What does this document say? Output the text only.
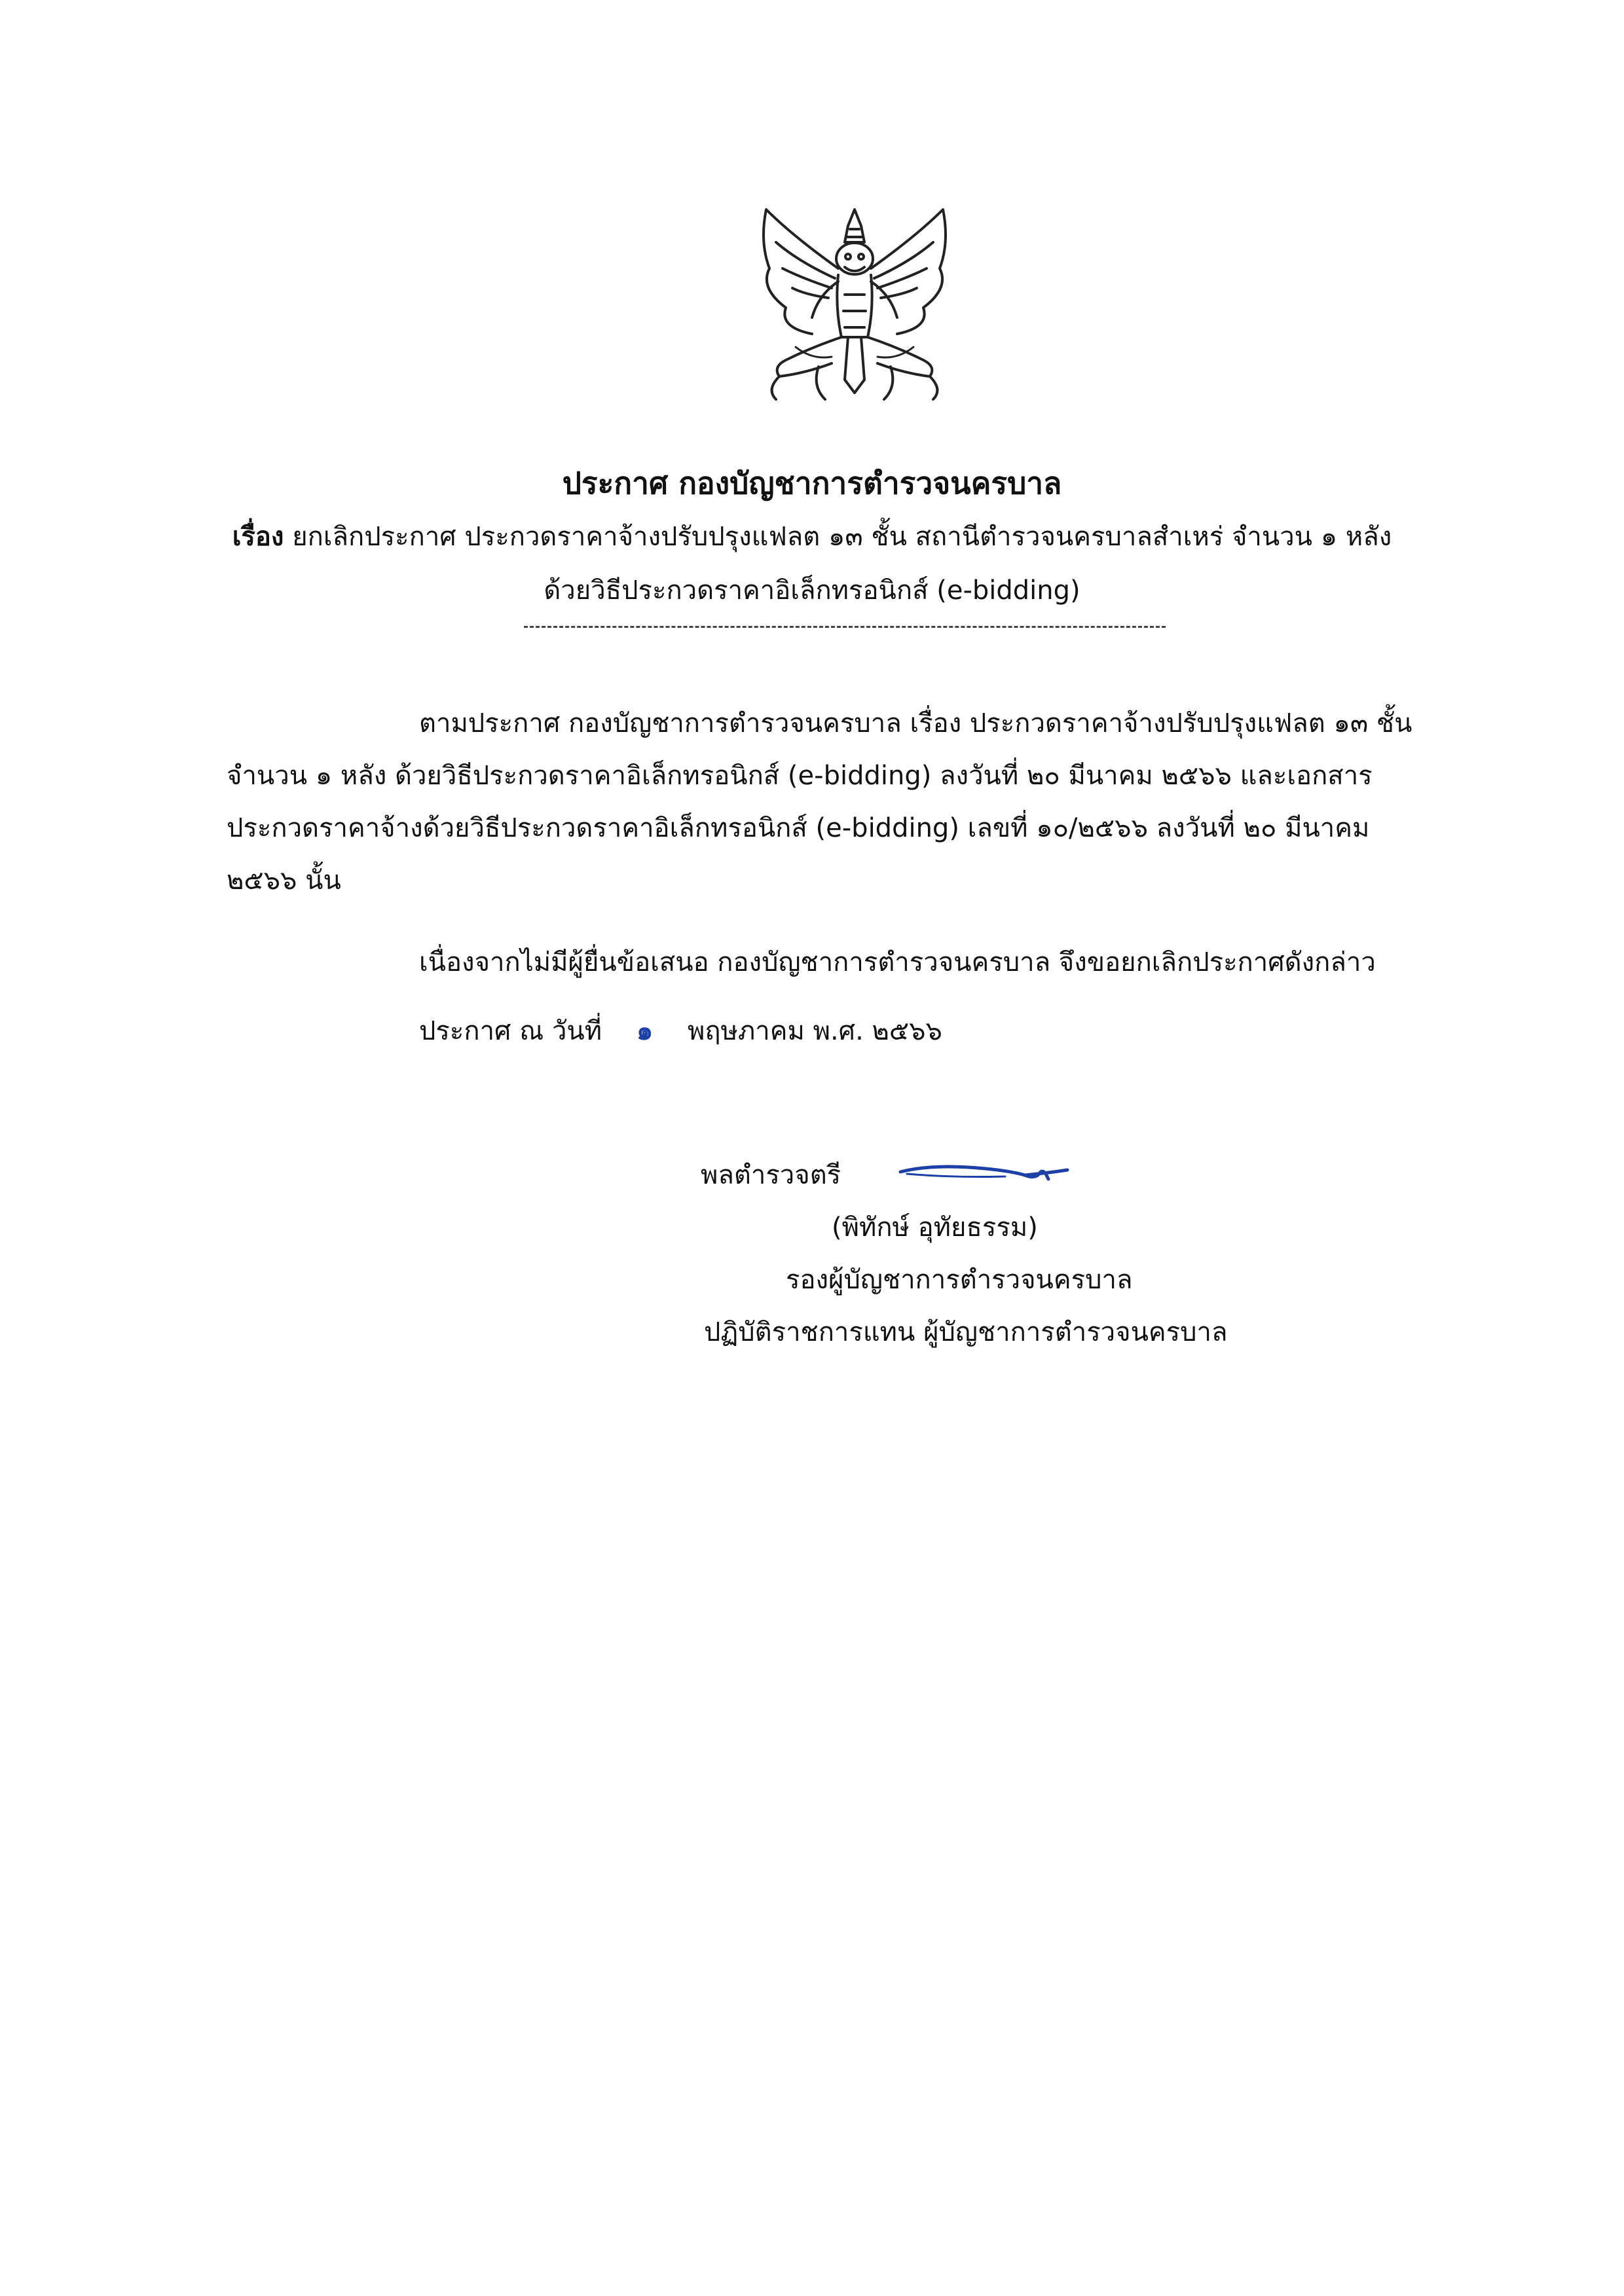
ประกาศ กองบัญชาการตำรวจนครบาล
เรื่อง ยกเลิกประกาศ ประกวดราคาจ้างปรับปรุงแฟลต ๑๓ ชั้น สถานีตำรวจนครบาลสำเหร่ จำนวน ๑ หลัง
ด้วยวิธีประกวดราคาอิเล็กทรอนิกส์ (e-bidding)
ตามประกาศ กองบัญชาการตำรวจนครบาล เรื่อง ประกวดราคาจ้างปรับปรุงแฟลต ๑๓ ชั้น
จำนวน ๑ หลัง ด้วยวิธีประกวดราคาอิเล็กทรอนิกส์ (e-bidding) ลงวันที่ ๒๐ มีนาคม ๒๕๖๖ และเอกสาร
ประกวดราคาจ้างด้วยวิธีประกวดราคาอิเล็กทรอนิกส์ (e-bidding) เลขที่ ๑๐/๒๕๖๖ ลงวันที่ ๒๐ มีนาคม
๒๕๖๖ นั้น
เนื่องจากไม่มีผู้ยื่นข้อเสนอ กองบัญชาการตำรวจนครบาล จึงขอยกเลิกประกาศดังกล่าว
ประกาศ ณ วันที่ ๑ พฤษภาคม พ.ศ. ๒๕๖๖
พลตำรวจตรี
(พิทักษ์ อุทัยธรรม)
รองผู้บัญชาการตำรวจนครบาล
ปฏิบัติราชการแทน ผู้บัญชาการตำรวจนครบาล
